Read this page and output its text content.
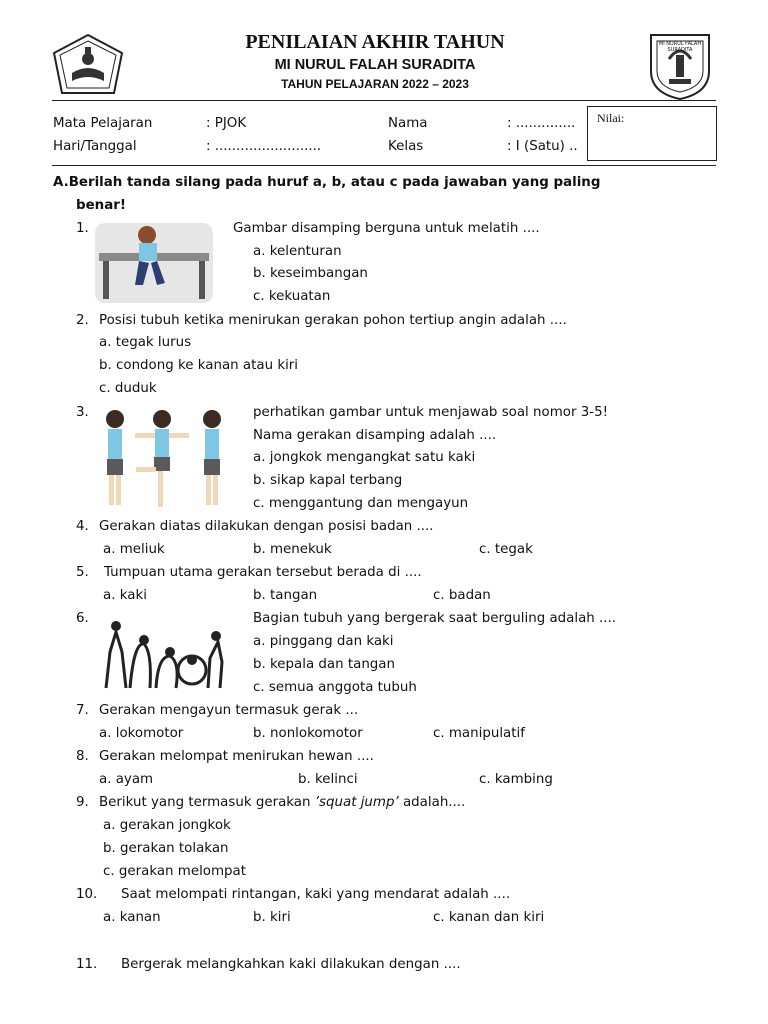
PENILAIAN AKHIR TAHUN
MI NURUL FALAH SURADITA
TAHUN PELAJARAN 2022 – 2023
Mata Pelajaran	: PJOK	Nama	: ..............
Hari/Tanggal	: .........................	Kelas	: I (Satu) ..
Nilai:
A.Berilah tanda silang pada huruf a, b, atau c pada jawaban yang paling
benar!
1.	Gambar disamping berguna untuk melatih ....
a. kelenturan
b. keseimbangan
c. kekuatan
2. Posisi tubuh ketika menirukan gerakan pohon tertiup angin adalah ....
a. tegak lurus
b. condong ke kanan atau kiri
c. duduk
3.	perhatikan gambar untuk menjawab soal nomor 3-5!
Nama gerakan disamping adalah ....
a. jongkok mengangkat satu kaki
b. sikap kapal terbang
c. menggantung dan mengayun
4. Gerakan diatas dilakukan dengan posisi badan ....
a. meliuk	b. menekuk	c. tegak
5. Tumpuan utama gerakan tersebut berada di ....
a. kaki	b. tangan	c. badan
6.	Bagian tubuh yang bergerak saat berguling adalah ....
a. pinggang dan kaki
b. kepala dan tangan
c. semua anggota tubuh
7. Gerakan mengayun termasuk gerak ...
a. lokomotor	b. nonlokomotor	c. manipulatif
8. Gerakan melompat menirukan hewan ....
a. ayam	b. kelinci	c. kambing
9. Berikut yang termasuk gerakan ’squat jump’ adalah....
a. gerakan jongkok
b. gerakan tolakan
c. gerakan melompat
10. Saat melompati rintangan, kaki yang mendarat adalah ....
a. kanan	b. kiri	c. kanan dan kiri
11. Bergerak melangkahkan kaki dilakukan dengan ....
MI NURUL FALAH SURADITA
